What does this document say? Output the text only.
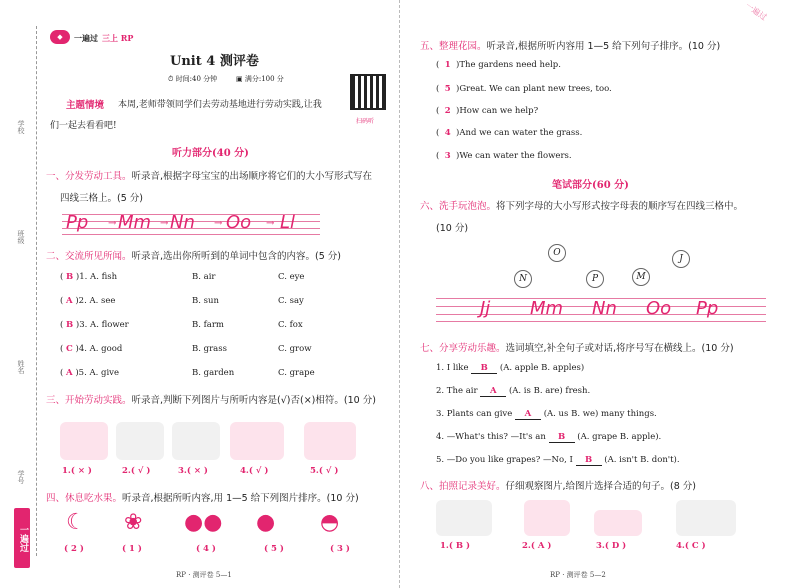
◆	一遍过 三上 RP
Unit 4 测评卷
⏱ 时间:40 分钟	▣ 满分:100 分
扫码听
主题情境 本周,老师带领同学们去劳动基地进行劳动实践,让我
们一起去看看吧!
听力部分(40 分)
学校
班级
姓名
学号
一遍过
一、分发劳动工具。听录音,根据字母宝宝的出场顺序将它们的大小写形式写在
四线三格上。(5 分)
Pp → Mm → Nn → Oo → Ll
二、交流所见所闻。听录音,选出你所听到的单词中包含的内容。(5 分)
( B )1. A. fish	B. air	C. eye
( A )2. A. see	B. sun	C. say
( B )3. A. flower	B. farm	C. fox
( C )4. A. good	B. grass	C. grow
( A )5. A. give	B. garden	C. grape
三、开始劳动实践。听录音,判断下列图片与所听内容是(√)否(×)相符。(10 分)
1.( × )	2.( √ )	3.( × )	4.( √ )	5.( √ )
四、休息吃水果。听录音,根据所听内容,用 1—5 给下列图片排序。(10 分)
☾ ❀ ●● ● ◓
( 2 )	( 1 )	( 4 )	( 5 )	( 3 )
RP · 测评卷 5—1
一遍过
五、整理花园。听录音,根据所听内容用 1—5 给下列句子排序。(10 分)
(  1  )The gardens need help.
(  5  )Great. We can plant new trees, too.
(  2  )How can we help?
(  4  )And we can water the grass.
(  3  )We can water the flowers.
笔试部分(60 分)
六、洗手玩泡泡。将下列字母的大小写形式按字母表的顺序写在四线三格中。
(10 分)
O
J
N	P	M
Jj Mm Nn Oo Pp
七、分享劳动乐趣。选词填空,补全句子或对话,将序号写在横线上。(10 分)
1. I like B (A. apple B. apples)
2. The air A (A. is B. are) fresh.
3. Plants can give A (A. us B. we) many things.
4. —What's this? —It's an B (A. grape B. apple).
5. —Do you like grapes? —No, I B (A. isn't B. don't).
八、拍照记录美好。仔细观察图片,给图片选择合适的句子。(8 分)
1.( B )	2.( A )	3.( D )	4.( C )
RP · 测评卷 5—2
